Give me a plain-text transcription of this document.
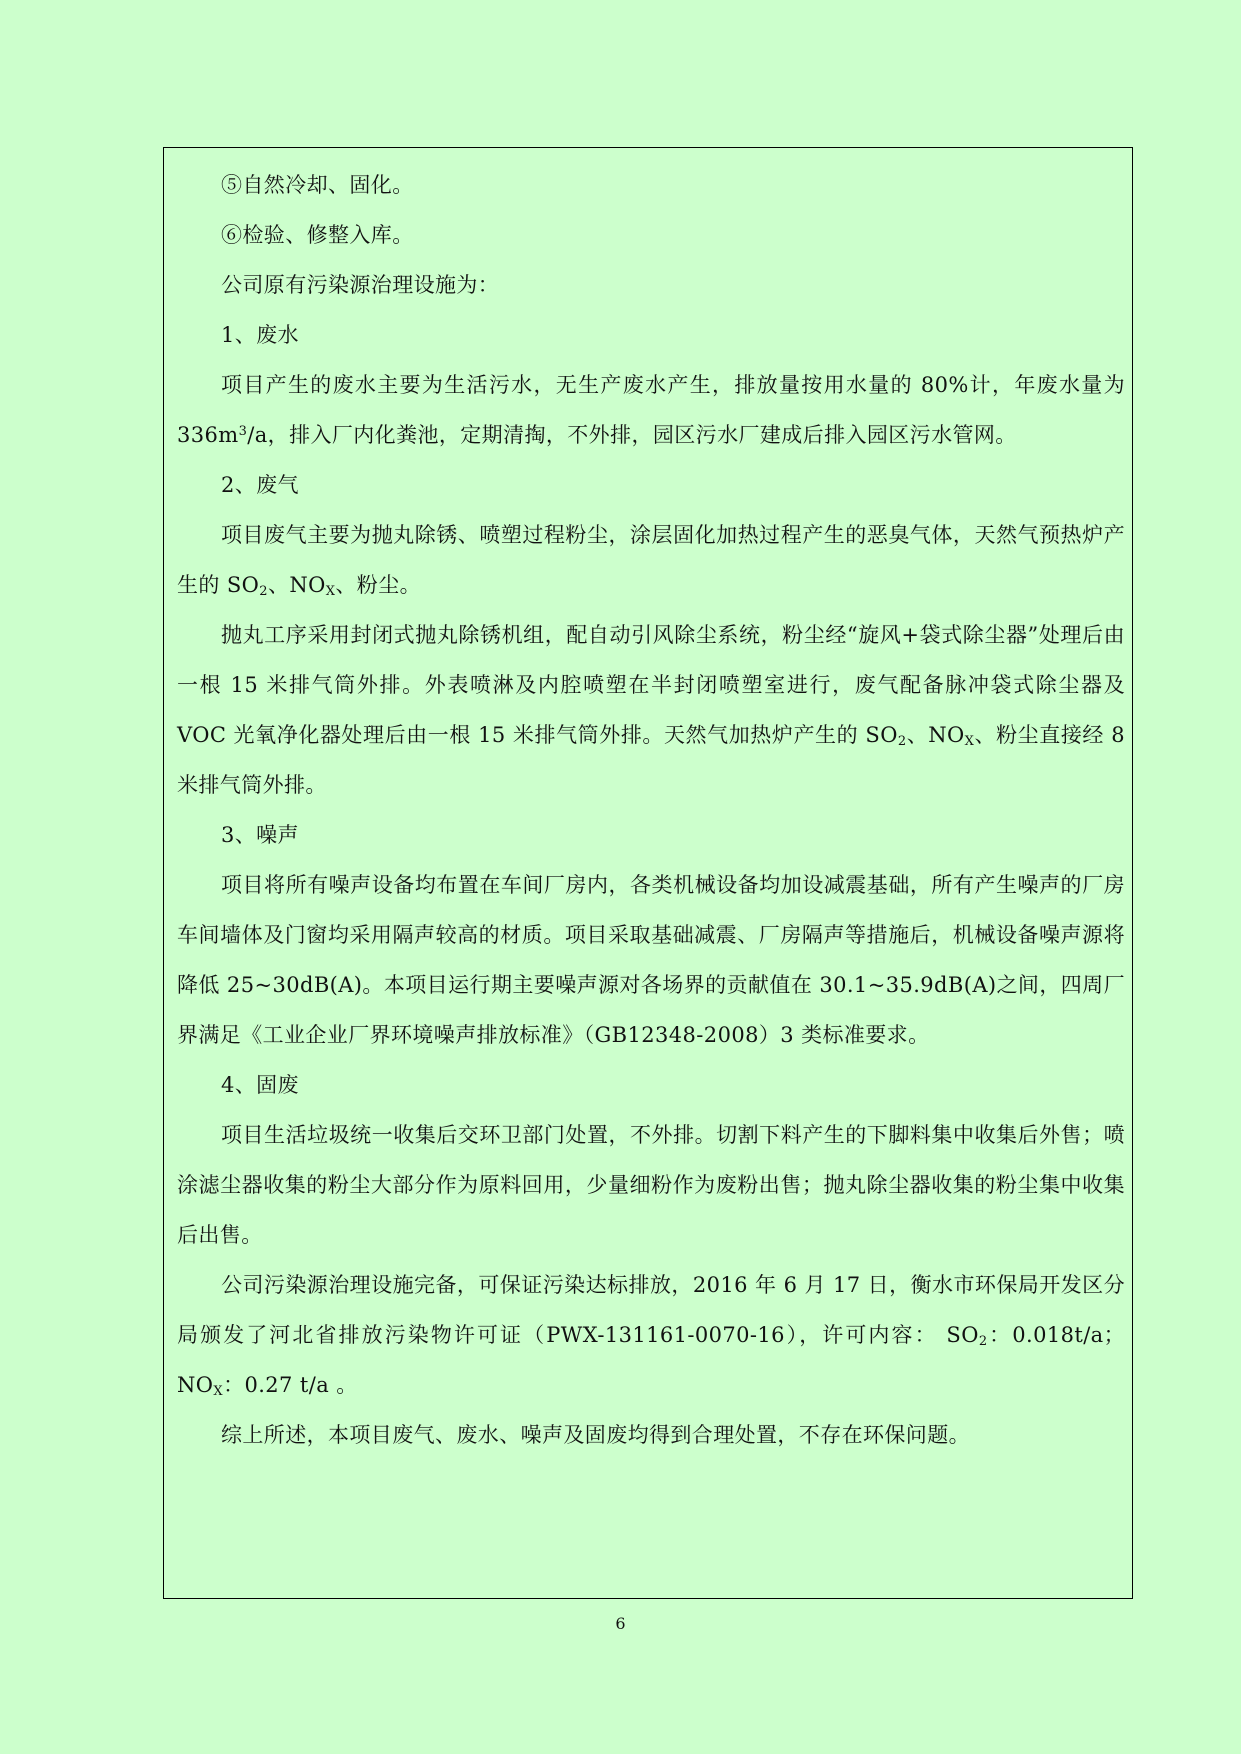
⑤自然冷却、固化。

⑥检验、修整入库。

公司原有污染源治理设施为：

1、废水

项目产生的废水主要为生活污水，无生产废水产生，排放量按用水量的 80%计，年废水量为 $336m^3/a$，排入厂内化粪池，定期清掏，不外排，园区污水厂建成后排入园区污水管网。

2、废气

项目废气主要为抛丸除锈、喷塑过程粉尘，涂层固化加热过程产生的恶臭气体，天然气预热炉产生的 $SO_2$、$NO_X$、粉尘。

抛丸工序采用封闭式抛丸除锈机组，配自动引风除尘系统，粉尘经“旋风+袋式除尘器”处理后由一根 15 米排气筒外排。外表喷淋及内腔喷塑在半封闭喷塑室进行，废气配备脉冲袋式除尘器及 VOC 光氧净化器处理后由一根 15 米排气筒外排。天然气加热炉产生的 $SO_2$、$NO_X$、粉尘直接经 8 米排气筒外排。

3、噪声

项目将所有噪声设备均布置在车间厂房内，各类机械设备均加设减震基础，所有产生噪声的厂房车间墙体及门窗均采用隔声较高的材质。项目采取基础减震、厂房隔声等措施后，机械设备噪声源将降低 25~30dB(A)。本项目运行期主要噪声源对各场界的贡献值在 30.1~35.9dB(A)之间，四周厂界满足《工业企业厂界环境噪声排放标准》（GB12348-2008）3 类标准要求。

4、固废

项目生活垃圾统一收集后交环卫部门处置，不外排。切割下料产生的下脚料集中收集后外售；喷涂滤尘器收集的粉尘大部分作为原料回用，少量细粉作为废粉出售；抛丸除尘器收集的粉尘集中收集后出售。

公司污染源治理设施完备，可保证污染达标排放，2016 年 6 月 17 日，衡水市环保局开发区分局颁发了河北省排放污染物许可证（PWX-131161-0070-16），许可内容： $SO_2$：0.018t/a；$NO_X$：0.27 t/a 。

综上所述，本项目废气、废水、噪声及固废均得到合理处置，不存在环保问题。

6
